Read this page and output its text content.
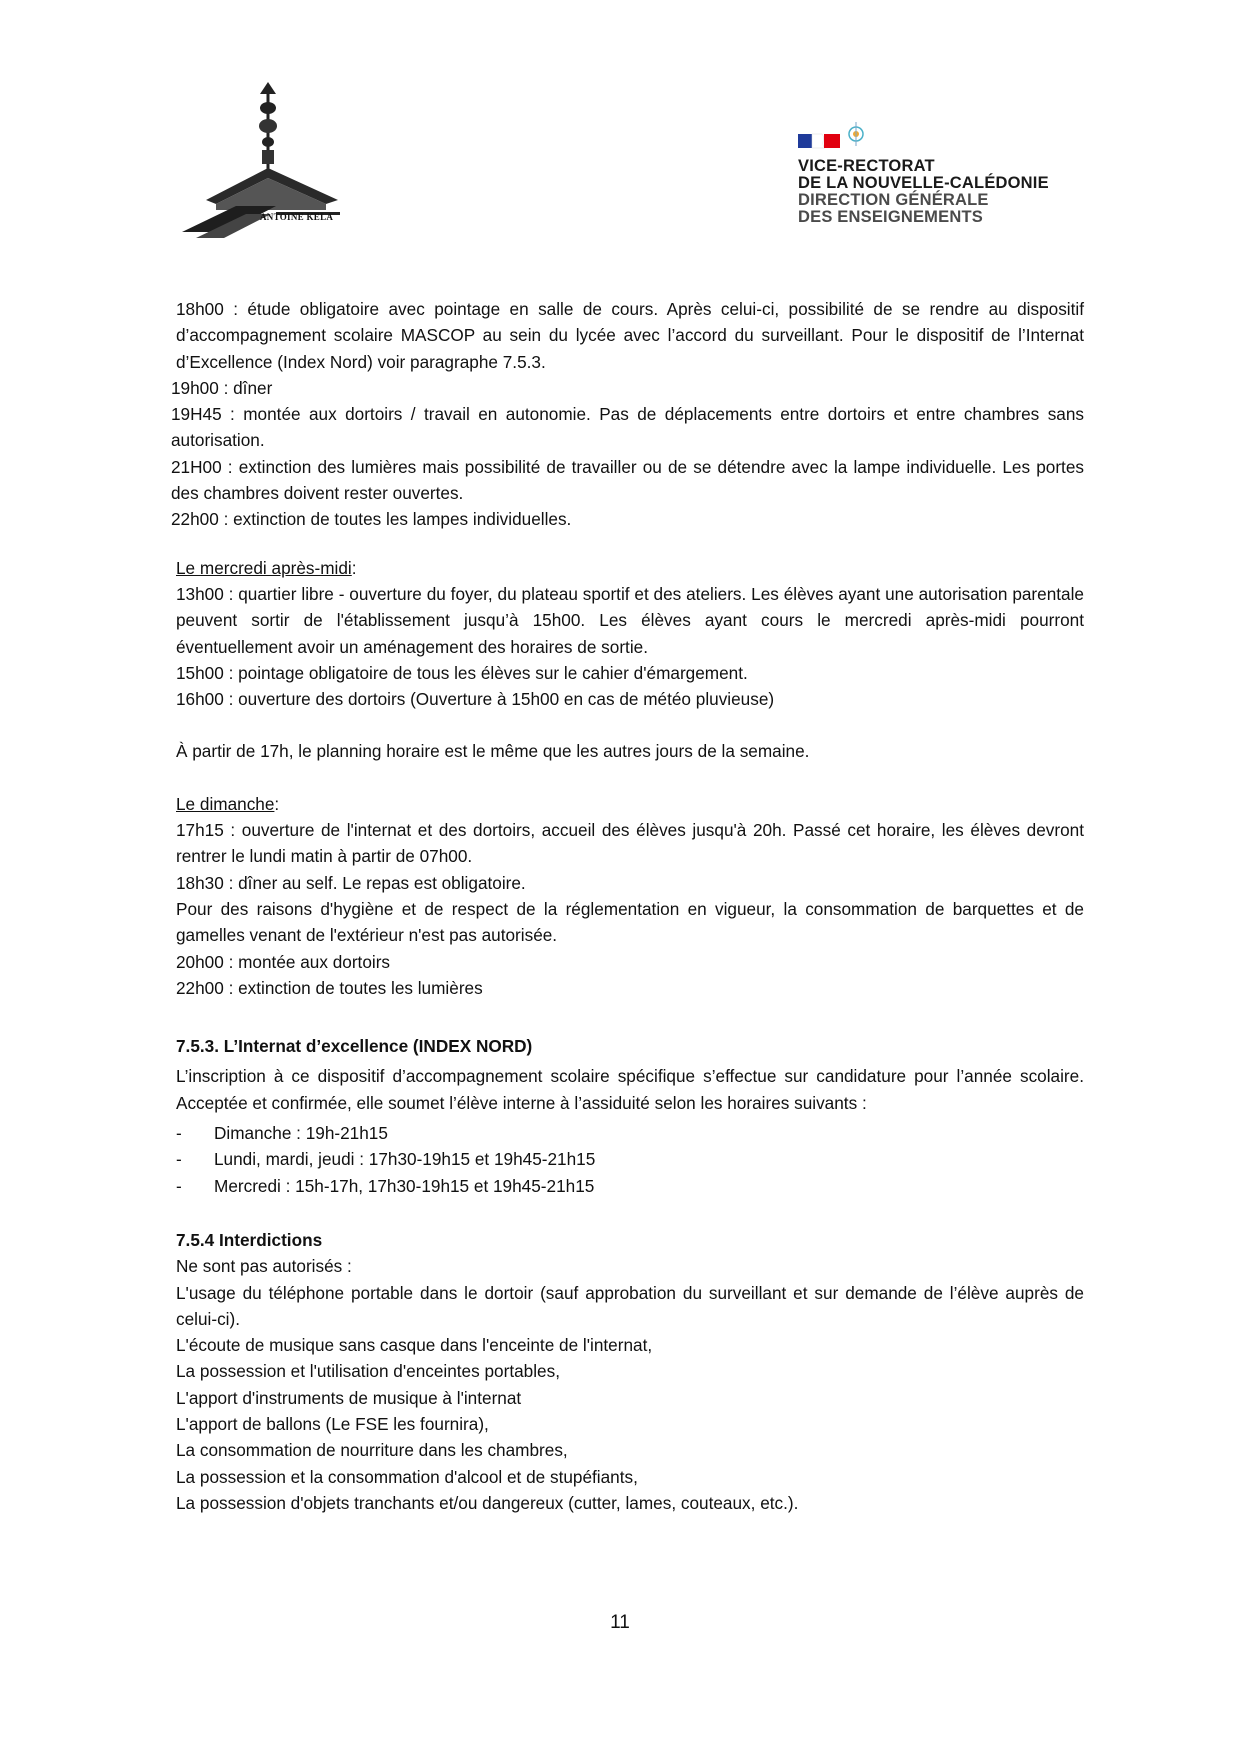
ANTOINE KELA
VICE-RECTORAT
DE LA NOUVELLE-CALÉDONIE
DIRECTION GÉNÉRALE
DES ENSEIGNEMENTS

18h00 : étude obligatoire avec pointage en salle de cours. Après celui-ci, possibilité de se rendre au dispositif d’accompagnement scolaire MASCOP au sein du lycée avec l’accord du surveillant. Pour le dispositif de l’Internat d’Excellence (Index Nord) voir paragraphe 7.5.3.

19h00 : dîner

19H45 : montée aux dortoirs / travail en autonomie. Pas de déplacements entre dortoirs et entre chambres sans autorisation.

21H00 : extinction des lumières mais possibilité de travailler ou de se détendre avec la lampe individuelle. Les portes des chambres doivent rester ouvertes.

22h00 : extinction de toutes les lampes individuelles.

Le mercredi après-midi:

13h00 : quartier libre - ouverture du foyer, du plateau sportif et des ateliers. Les élèves ayant une autorisation parentale peuvent sortir de l'établissement jusqu’à 15h00. Les élèves ayant cours le mercredi après-midi pourront éventuellement avoir un aménagement des horaires de sortie.

15h00 : pointage obligatoire de tous les élèves sur le cahier d'émargement.

16h00 : ouverture des dortoirs (Ouverture à 15h00 en cas de météo pluvieuse)

À partir de 17h, le planning horaire est le même que les autres jours de la semaine.

Le dimanche:

17h15 : ouverture de l'internat et des dortoirs, accueil des élèves jusqu'à 20h. Passé cet horaire, les élèves devront rentrer le lundi matin à partir de 07h00.

18h30 : dîner au self. Le repas est obligatoire.

Pour des raisons d'hygiène et de respect de la réglementation en vigueur, la consommation de barquettes et de gamelles venant de l'extérieur n'est pas autorisée.

20h00 : montée aux dortoirs

22h00 : extinction de toutes les lumières

7.5.3. L’Internat d’excellence (INDEX NORD)

L’inscription à ce dispositif d’accompagnement scolaire spécifique s’effectue sur candidature pour l’année scolaire. Acceptée et confirmée, elle soumet l’élève interne à l’assiduité selon les horaires suivants :

- Dimanche : 19h-21h15
- Lundi, mardi, jeudi : 17h30-19h15 et 19h45-21h15
- Mercredi : 15h-17h, 17h30-19h15 et 19h45-21h15

7.5.4 Interdictions

Ne sont pas autorisés :

L'usage du téléphone portable dans le dortoir (sauf approbation du surveillant et sur demande de l’élève auprès de celui-ci).

L'écoute de musique sans casque dans l'enceinte de l'internat,

La possession et l'utilisation d'enceintes portables,

L'apport d'instruments de musique à l'internat

L'apport de ballons (Le FSE les fournira),

La consommation de nourriture dans les chambres,

La possession et la consommation d'alcool et de stupéfiants,

La possession d'objets tranchants et/ou dangereux (cutter, lames, couteaux, etc.).

11
